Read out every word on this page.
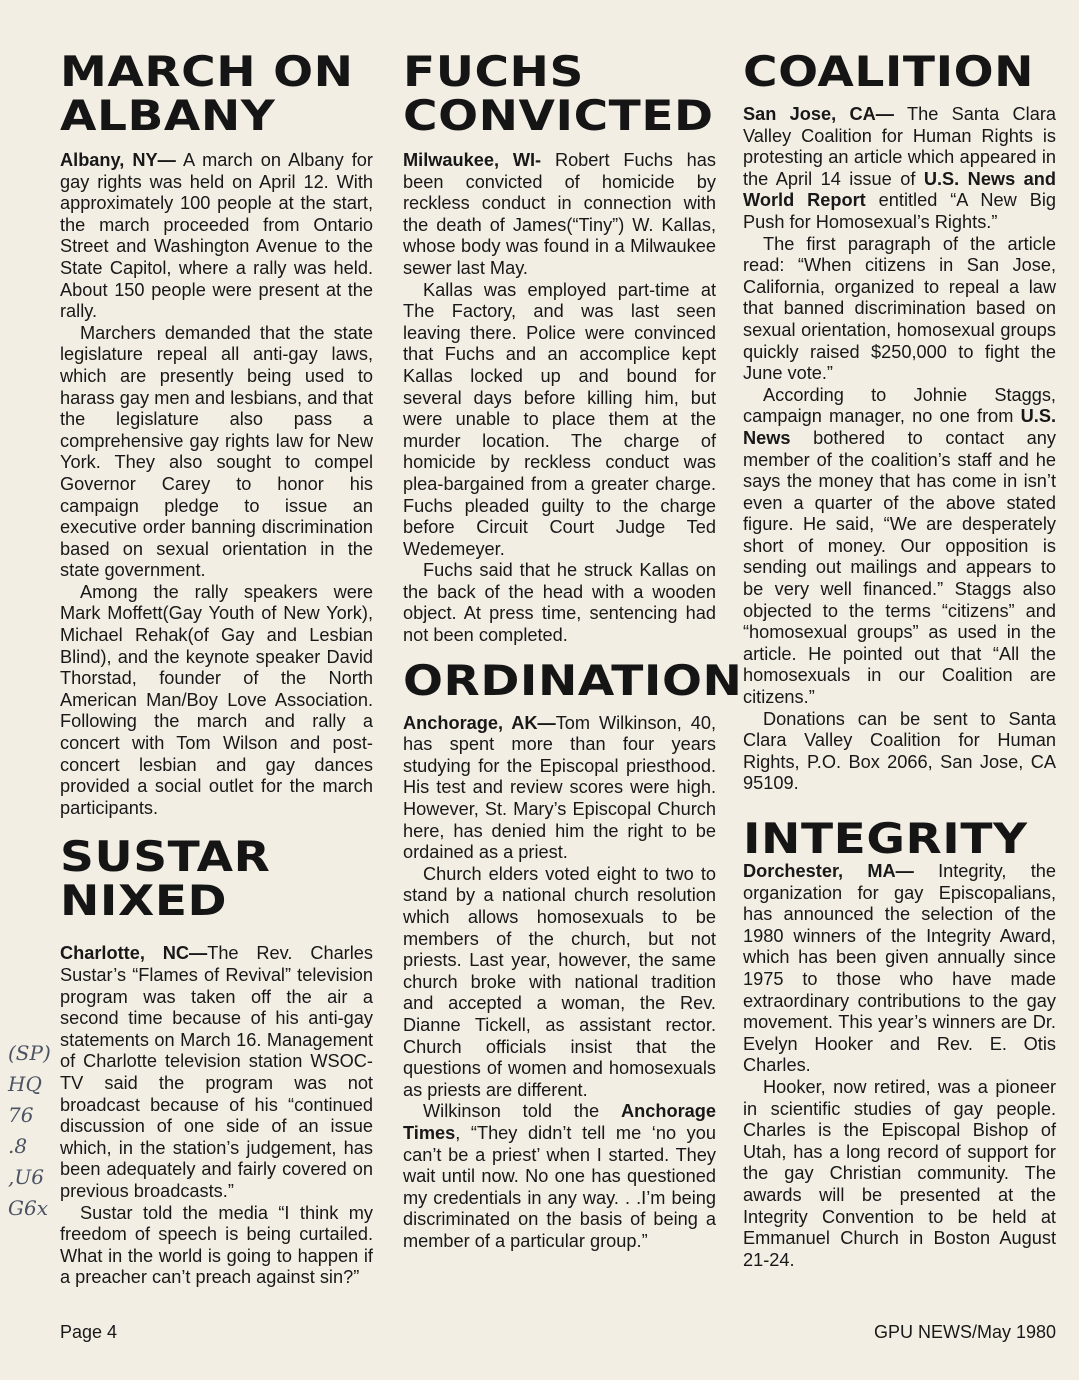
MARCH ON
ALBANY

Albany, NY— A march on Albany for gay rights was held on April 12. With approximately 100 people at the start, the march proceeded from Ontario Street and Washington Avenue to the State Capitol, where a rally was held. About 150 people were present at the rally.

Marchers demanded that the state legislature repeal all anti-gay laws, which are presently being used to harass gay men and lesbians, and that the legislature also pass a comprehensive gay rights law for New York. They also sought to compel Governor Carey to honor his campaign pledge to issue an executive order banning discrimination based on sexual orientation in the state government.

Among the rally speakers were Mark Moffett(Gay Youth of New York), Michael Rehak(of Gay and Lesbian Blind), and the keynote speaker David Thorstad, founder of the North American Man/Boy Love Association. Following the march and rally a concert with Tom Wilson and post-concert lesbian and gay dances provided a social outlet for the march participants.

SUSTAR
NIXED

Charlotte, NC—The Rev. Charles Sustar’s “Flames of Revival” television program was taken off the air a second time because of his anti-gay statements on March 16. Management of Charlotte television station WSOC-TV said the program was not broadcast because of his “continued discussion of one side of an issue which, in the station’s judgement, has been adequately and fairly covered on previous broadcasts.”

Sustar told the media “I think my freedom of speech is being curtailed. What in the world is going to happen if a preacher can’t preach against sin?”

FUCHS
CONVICTED

Milwaukee, WI- Robert Fuchs has been convicted of homicide by reckless conduct in connection with the death of James(“Tiny”) W. Kallas, whose body was found in a Milwaukee sewer last May.

Kallas was employed part-time at The Factory, and was last seen leaving there. Police were convinced that Fuchs and an accomplice kept Kallas locked up and bound for several days before killing him, but were unable to place them at the murder location. The charge of homicide by reckless conduct was plea-bargained from a greater charge. Fuchs pleaded guilty to the charge before Circuit Court Judge Ted Wedemeyer.

Fuchs said that he struck Kallas on the back of the head with a wooden object. At press time, sentencing had not been completed.

ORDINATION

Anchorage, AK—Tom Wilkinson, 40, has spent more than four years studying for the Episcopal priesthood. His test and review scores were high. However, St. Mary’s Episcopal Church here, has denied him the right to be ordained as a priest.

Church elders voted eight to two to stand by a national church resolution which allows homosexuals to be members of the church, but not priests. Last year, however, the same church broke with national tradition and accepted a woman, the Rev. Dianne Tickell, as assistant rector. Church officials insist that the questions of women and homosexuals as priests are different.

Wilkinson told the Anchorage Times, “They didn’t tell me ‘no you can’t be a priest’ when I started. They wait until now. No one has questioned my credentials in any way. . .I’m being discriminated on the basis of being a member of a particular group.”

COALITION

San Jose, CA— The Santa Clara Valley Coalition for Human Rights is protesting an article which appeared in the April 14 issue of U.S. News and World Report entitled “A New Big Push for Homosexual’s Rights.”

The first paragraph of the article read: “When citizens in San Jose, California, organized to repeal a law that banned discrimination based on sexual orientation, homosexual groups quickly raised $250,000 to fight the June vote.”

According to Johnie Staggs, campaign manager, no one from U.S. News bothered to contact any member of the coalition’s staff and he says the money that has come in isn’t even a quarter of the above stated figure. He said, “We are desperately short of money. Our opposition is sending out mailings and appears to be very well financed.” Staggs also objected to the terms “citizens” and “homosexual groups” as used in the article. He pointed out that “All the homosexuals in our Coalition are citizens.”

Donations can be sent to Santa Clara Valley Coalition for Human Rights, P.O. Box 2066, San Jose, CA 95109.

INTEGRITY

Dorchester, MA— Integrity, the organization for gay Episcopalians, has announced the selection of the 1980 winners of the Integrity Award, which has been given annually since 1975 to those who have made extraordinary contributions to the gay movement. This year’s winners are Dr. Evelyn Hooker and Rev. E. Otis Charles.

Hooker, now retired, was a pioneer in scientific studies of gay people. Charles is the Episcopal Bishop of Utah, has a long record of support for the gay Christian community. The awards will be presented at the Integrity Convention to be held at Emmanuel Church in Boston August 21-24.

(SP)
HQ
76
.8
,U6
G6x
Page 4	GPU NEWS/May 1980
